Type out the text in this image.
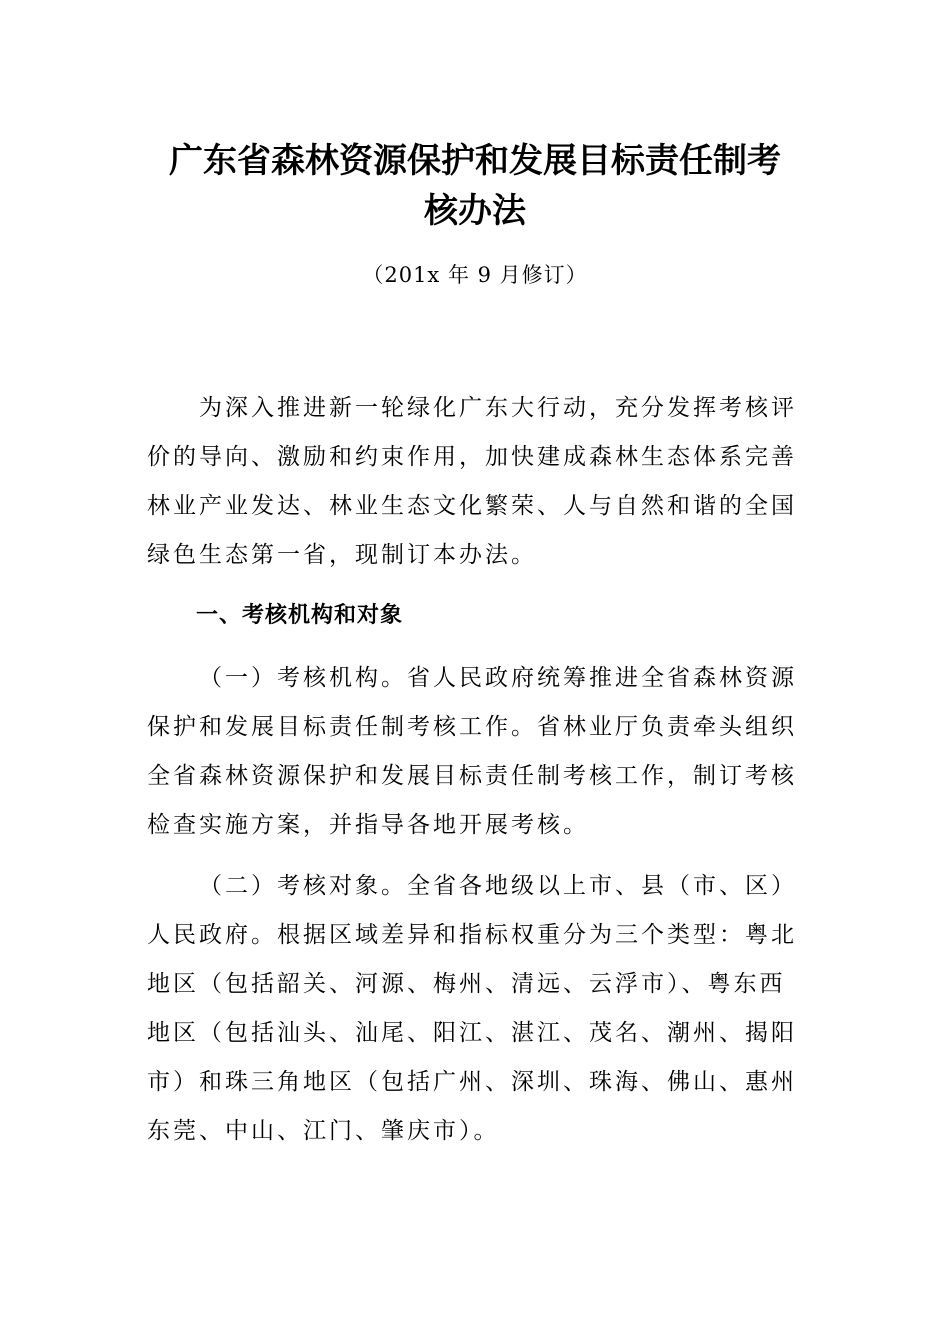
广东省森林资源保护和发展目标责任制考
核办法
（201x 年 9 月修订）

为深入推进新一轮绿化广东大行动，充分发挥考核评
价的导向、激励和约束作用，加快建成森林生态体系完善
林业产业发达、林业生态文化繁荣、人与自然和谐的全国
绿色生态第一省，现制订本办法。

一、考核机构和对象

（一）考核机构。省人民政府统筹推进全省森林资源
保护和发展目标责任制考核工作。省林业厅负责牵头组织
全省森林资源保护和发展目标责任制考核工作，制订考核
检查实施方案，并指导各地开展考核。

（二）考核对象。全省各地级以上市、县（市、区）
人民政府。根据区域差异和指标权重分为三个类型：粤北
地区（包括韶关、河源、梅州、清远、云浮市）、粤东西
地区（包括汕头、汕尾、阳江、湛江、茂名、潮州、揭阳
市）和珠三角地区（包括广州、深圳、珠海、佛山、惠州
东莞、中山、江门、肇庆市）。
